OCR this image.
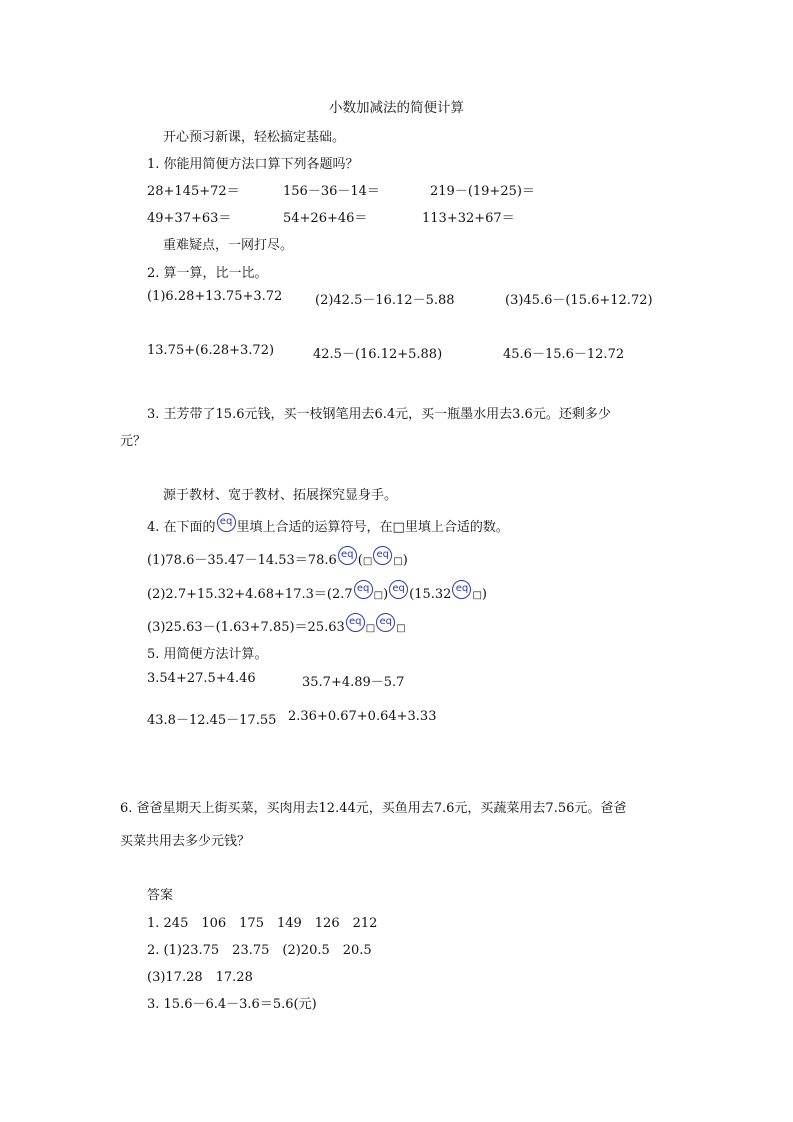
小数加减法的简便计算
开心预习新课，轻松搞定基础。
1. 你能用简便方法口算下列各题吗？
28+145+72＝	156－36－14＝	219－(19+25)＝
49+37+63＝	54+26+46＝	113+32+67＝
重难疑点，一网打尽。
2. 算一算，比一比。
(1)6.28+13.75+3.72	(2)42.5－16.12－5.88	(3)45.6－(15.6+12.72)
13.75+(6.28+3.72)	42.5－(16.12+5.88)	45.6－15.6－12.72
3. 王芳带了15.6元钱，买一枝钢笔用去6.4元，买一瓶墨水用去3.6元。还剩多少
元？
源于教材、宽于教材、拓展探究显身手。
4. 在下面的 eq 里填上合适的运算符号，在□里填上合适的数。
(1)78.6－35.47－14.53＝78.6 eq (□eq□)
(2)2.7+15.32+4.68+17.3＝(2.7 eq□) eq (15.32 eq□)
(3)25.63－(1.63+7.85)＝25.63 eq□eq□
5. 用简便方法计算。
3.54+27.5+4.46	35.7+4.89－5.7
43.8－12.45－17.55 2.36+0.67+0.64+3.33
6. 爸爸星期天上街买菜，买肉用去12.44元，买鱼用去7.6元，买蔬菜用去7.56元。爸爸
买菜共用去多少元钱？
答案
1. 245　106　175　149　126　212
2. (1)23.75　23.75　(2)20.5　20.5
(3)17.28　17.28
3. 15.6－6.4－3.6＝5.6(元)
